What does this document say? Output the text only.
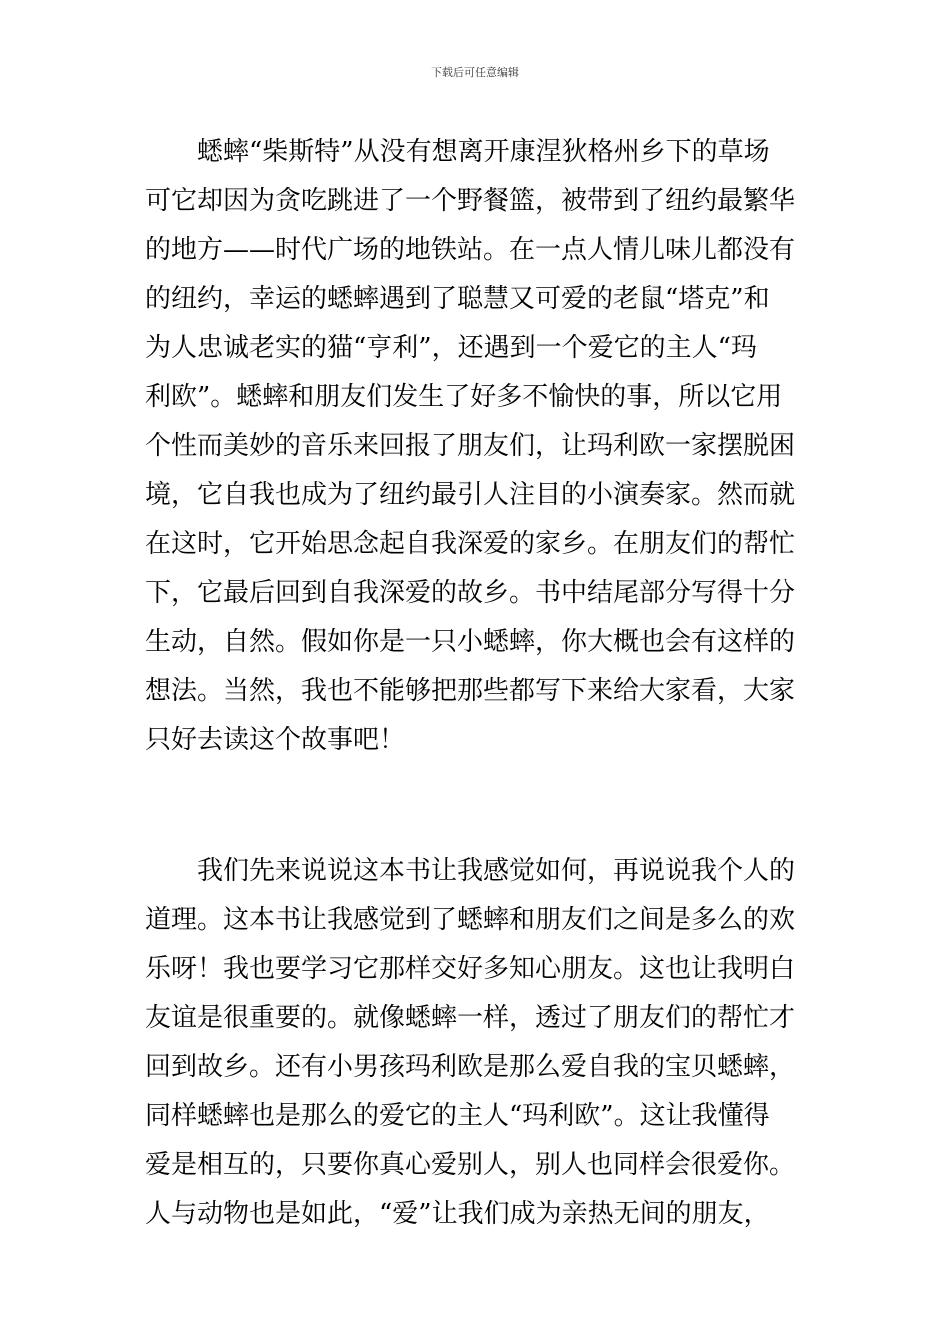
下载后可任意编辑
蟋蟀“柴斯特”从没有想离开康涅狄格州乡下的草场
可它却因为贪吃跳进了一个野餐篮，被带到了纽约最繁华
的地方——时代广场的地铁站。在一点人情儿味儿都没有
的纽约，幸运的蟋蟀遇到了聪慧又可爱的老鼠“塔克”和
为人忠诚老实的猫“亨利”，还遇到一个爱它的主人“玛
利欧”。蟋蟀和朋友们发生了好多不愉快的事，所以它用
个性而美妙的音乐来回报了朋友们，让玛利欧一家摆脱困
境，它自我也成为了纽约最引人注目的小演奏家。然而就
在这时，它开始思念起自我深爱的家乡。在朋友们的帮忙
下，它最后回到自我深爱的故乡。书中结尾部分写得十分
生动，自然。假如你是一只小蟋蟀，你大概也会有这样的
想法。当然，我也不能够把那些都写下来给大家看，大家
只好去读这个故事吧！
我们先来说说这本书让我感觉如何，再说说我个人的
道理。这本书让我感觉到了蟋蟀和朋友们之间是多么的欢
乐呀！我也要学习它那样交好多知心朋友。这也让我明白
友谊是很重要的。就像蟋蟀一样，透过了朋友们的帮忙才
回到故乡。还有小男孩玛利欧是那么爱自我的宝贝蟋蟀，
同样蟋蟀也是那么的爱它的主人“玛利欧”。这让我懂得
爱是相互的，只要你真心爱别人，别人也同样会很爱你。
人与动物也是如此，“爱”让我们成为亲热无间的朋友，
